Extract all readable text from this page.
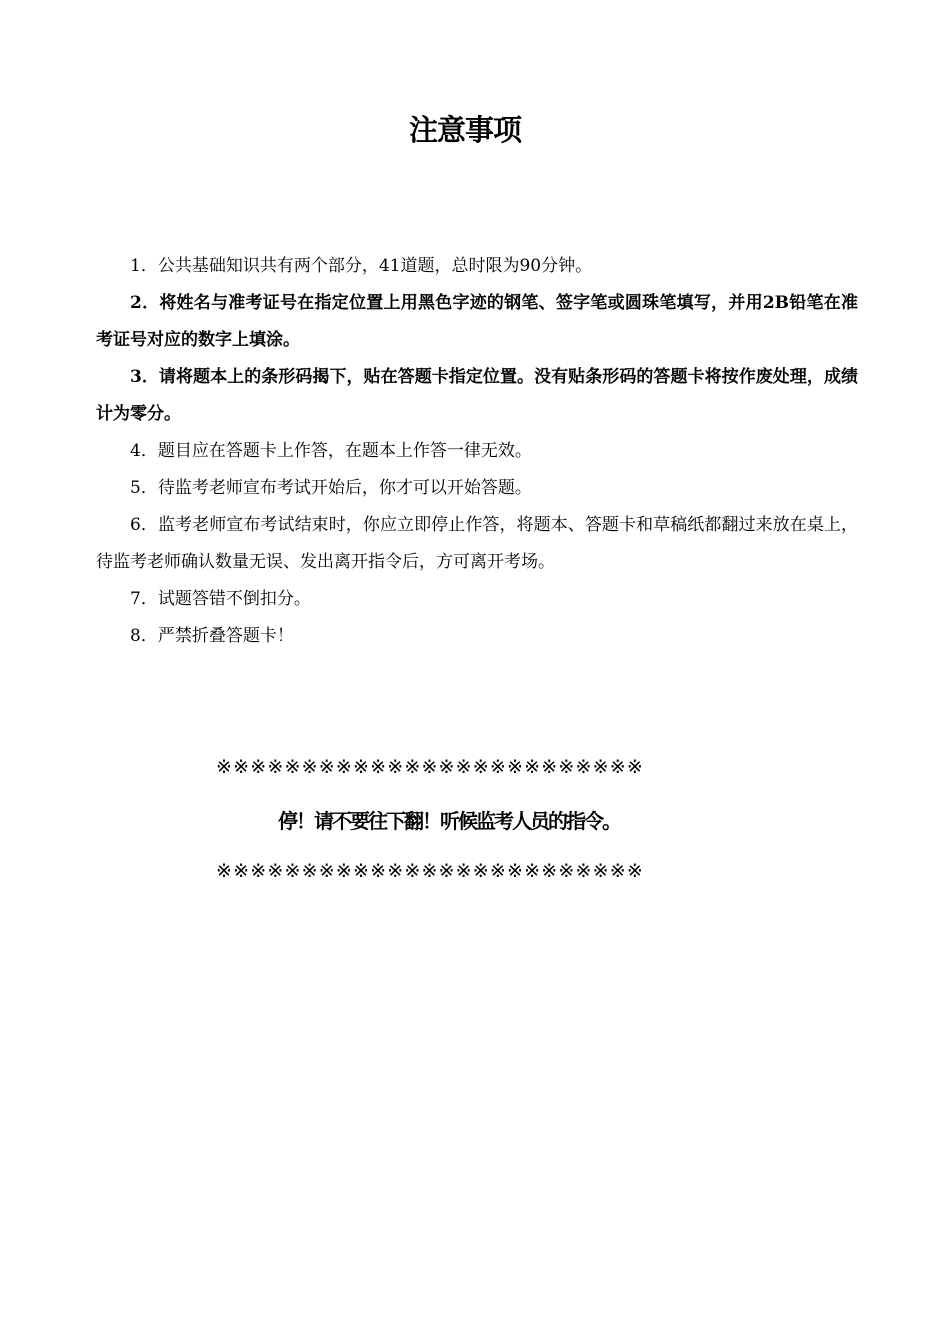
注意事项

1．公共基础知识共有两个部分，41道题，总时限为90分钟。

2．将姓名与准考证号在指定位置上用黑色字迹的钢笔、签字笔或圆珠笔填写，并用2B铅笔在准考证号对应的数字上填涂。

3．请将题本上的条形码揭下，贴在答题卡指定位置。没有贴条形码的答题卡将按作废处理，成绩计为零分。

4．题目应在答题卡上作答，在题本上作答一律无效。

5．待监考老师宣布考试开始后，你才可以开始答题。

6．监考老师宣布考试结束时，你应立即停止作答，将题本、答题卡和草稿纸都翻过来放在桌上，待监考老师确认数量无误、发出离开指令后，方可离开考场。

7．试题答错不倒扣分。

8．严禁折叠答题卡！

※※※※※※※※※※※※※※※※※※※※※※※※※
停！请不要往下翻！听候监考人员的指令。
※※※※※※※※※※※※※※※※※※※※※※※※※
